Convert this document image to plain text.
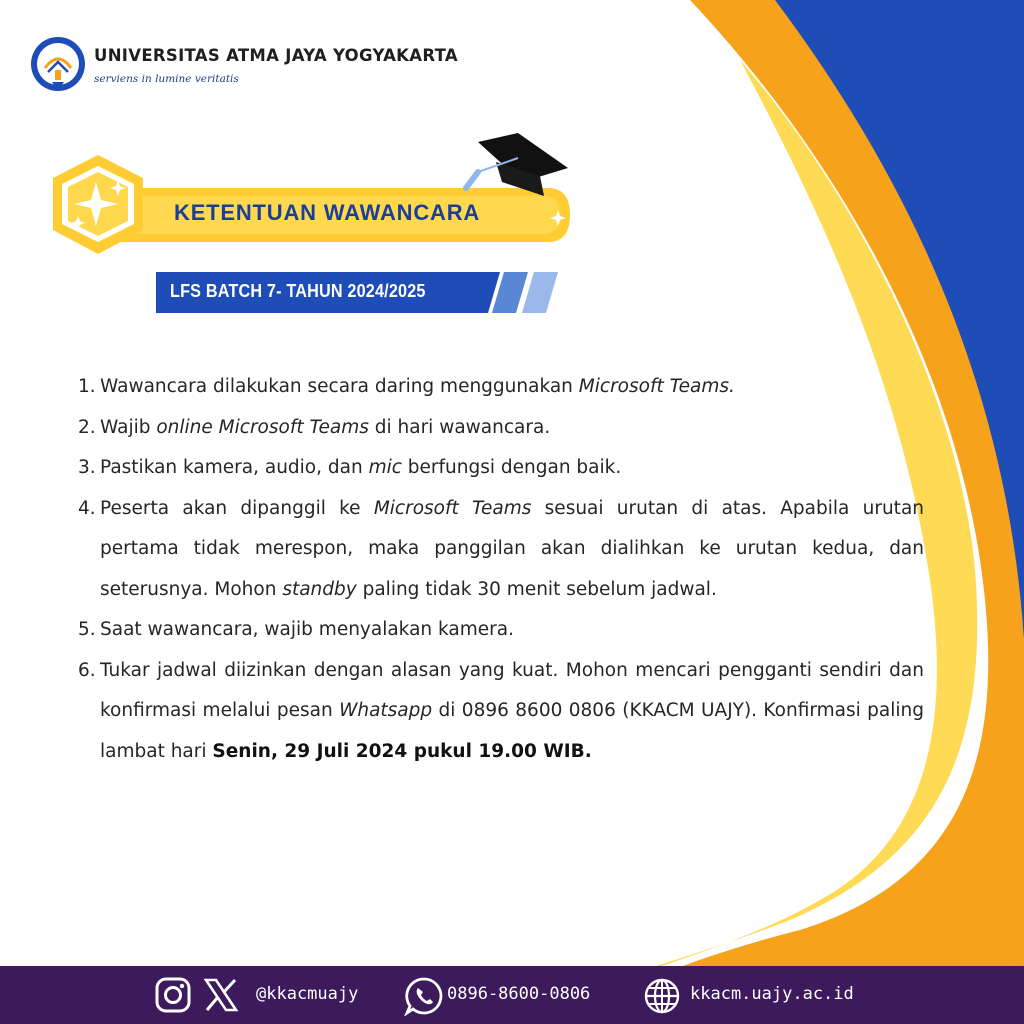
UNIVERSITAS ATMA JAYA YOGYAKARTA
serviens in lumine veritatis
KETENTUAN WAWANCARA
LFS BATCH 7- TAHUN 2024/2025
1. Wawancara dilakukan secara daring menggunakan Microsoft Teams.
2. Wajib online Microsoft Teams di hari wawancara.
3. Pastikan kamera, audio, dan mic berfungsi dengan baik.
4. Peserta akan dipanggil ke Microsoft Teams sesuai urutan di atas. Apabila urutan pertama tidak merespon, maka panggilan akan dialihkan ke urutan kedua, dan seterusnya. Mohon standby paling tidak 30 menit sebelum jadwal.
5. Saat wawancara, wajib menyalakan kamera.
6. Tukar jadwal diizinkan dengan alasan yang kuat. Mohon mencari pengganti sendiri dan konfirmasi melalui pesan Whatsapp di 0896 8600 0806 (KKACM UAJY). Konfirmasi paling lambat hari Senin, 29 Juli 2024 pukul 19.00 WIB.
@kkacmuajy	0896-8600-0806	kkacm.uajy.ac.id
